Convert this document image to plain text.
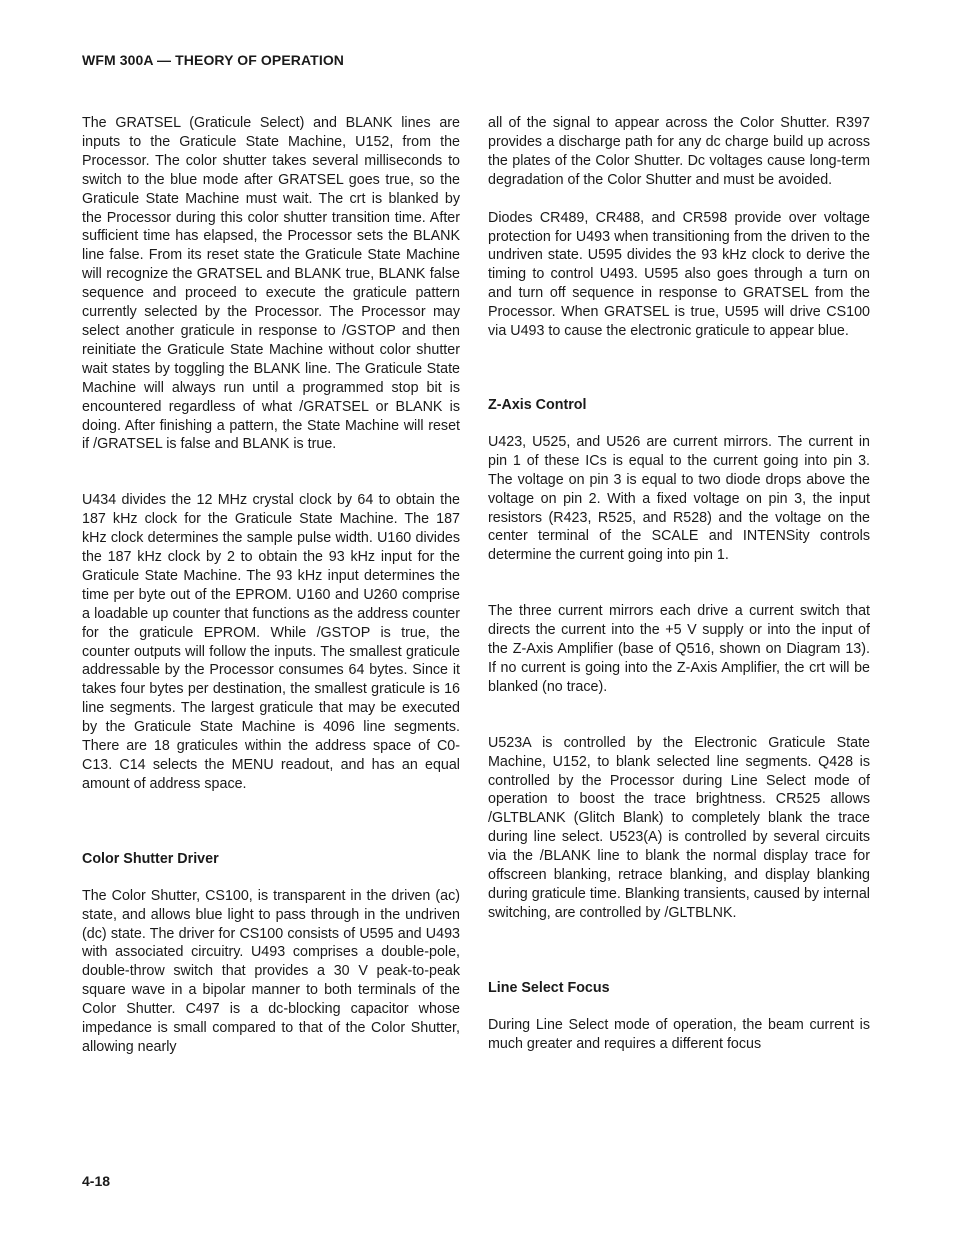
WFM 300A — THEORY OF OPERATION

The GRATSEL (Graticule Select) and BLANK lines are inputs to the Graticule State Machine, U152, from the Processor. The color shutter takes several milliseconds to switch to the blue mode after GRATSEL goes true, so the Graticule State Machine must wait. The crt is blanked by the Processor during this color shutter transition time. After sufficient time has elapsed, the Processor sets the BLANK line false. From its reset state the Graticule State Machine will recognize the GRATSEL and BLANK true, BLANK false sequence and proceed to execute the graticule pattern currently selected by the Processor. The Processor may select another graticule in response to /GSTOP and then reinitiate the Graticule State Machine without color shutter wait states by toggling the BLANK line. The Graticule State Machine will always run until a programmed stop bit is encountered regardless of what /GRATSEL or BLANK is doing. After finishing a pattern, the State Machine will reset if /GRATSEL is false and BLANK is true.

U434 divides the 12 MHz crystal clock by 64 to obtain the 187 kHz clock for the Graticule State Machine. The 187 kHz clock determines the sample pulse width. U160 divides the 187 kHz clock by 2 to obtain the 93 kHz input for the Graticule State Machine. The 93 kHz input determines the time per byte out of the EPROM. U160 and U260 comprise a loadable up counter that functions as the address counter for the graticule EPROM. While /GSTOP is true, the counter outputs will follow the inputs. The smallest graticule addressable by the Processor consumes 64 bytes. Since it takes four bytes per destination, the smallest graticule is 16 line segments. The largest graticule that may be executed by the Graticule State Machine is 4096 line segments. There are 18 graticules within the address space of C0-C13. C14 selects the MENU readout, and has an equal amount of address space.

Color Shutter Driver

The Color Shutter, CS100, is transparent in the driven (ac) state, and allows blue light to pass through in the undriven (dc) state. The driver for CS100 consists of U595 and U493 with associated circuitry. U493 comprises a double-pole, double-throw switch that provides a 30 V peak-to-peak square wave in a bipolar manner to both terminals of the Color Shutter. C497 is a dc-blocking capacitor whose impedance is small compared to that of the Color Shutter, allowing nearly

all of the signal to appear across the Color Shutter. R397 provides a discharge path for any dc charge build up across the plates of the Color Shutter. Dc voltages cause long-term degradation of the Color Shutter and must be avoided.

Diodes CR489, CR488, and CR598 provide over voltage protection for U493 when transitioning from the driven to the undriven state. U595 divides the 93 kHz clock to derive the timing to control U493. U595 also goes through a turn on and turn off sequence in response to GRATSEL from the Processor. When GRATSEL is true, U595 will drive CS100 via U493 to cause the electronic graticule to appear blue.

Z-Axis Control

U423, U525, and U526 are current mirrors. The current in pin 1 of these ICs is equal to the current going into pin 3. The voltage on pin 3 is equal to two diode drops above the voltage on pin 2. With a fixed voltage on pin 3, the input resistors (R423, R525, and R528) and the voltage on the center terminal of the SCALE and INTENSity controls determine the current going into pin 1.

The three current mirrors each drive a current switch that directs the current into the +5 V supply or into the input of the Z-Axis Amplifier (base of Q516, shown on Diagram 13). If no current is going into the Z-Axis Amplifier, the crt will be blanked (no trace).

U523A is controlled by the Electronic Graticule State Machine, U152, to blank selected line segments. Q428 is controlled by the Processor during Line Select mode of operation to boost the trace brightness. CR525 allows /GLTBLANK (Glitch Blank) to completely blank the trace during line select. U523(A) is controlled by several circuits via the /BLANK line to blank the normal display trace for offscreen blanking, retrace blanking, and display blanking during graticule time. Blanking transients, caused by internal switching, are controlled by /GLTBLNK.

Line Select Focus

During Line Select mode of operation, the beam current is much greater and requires a different focus

4-18
